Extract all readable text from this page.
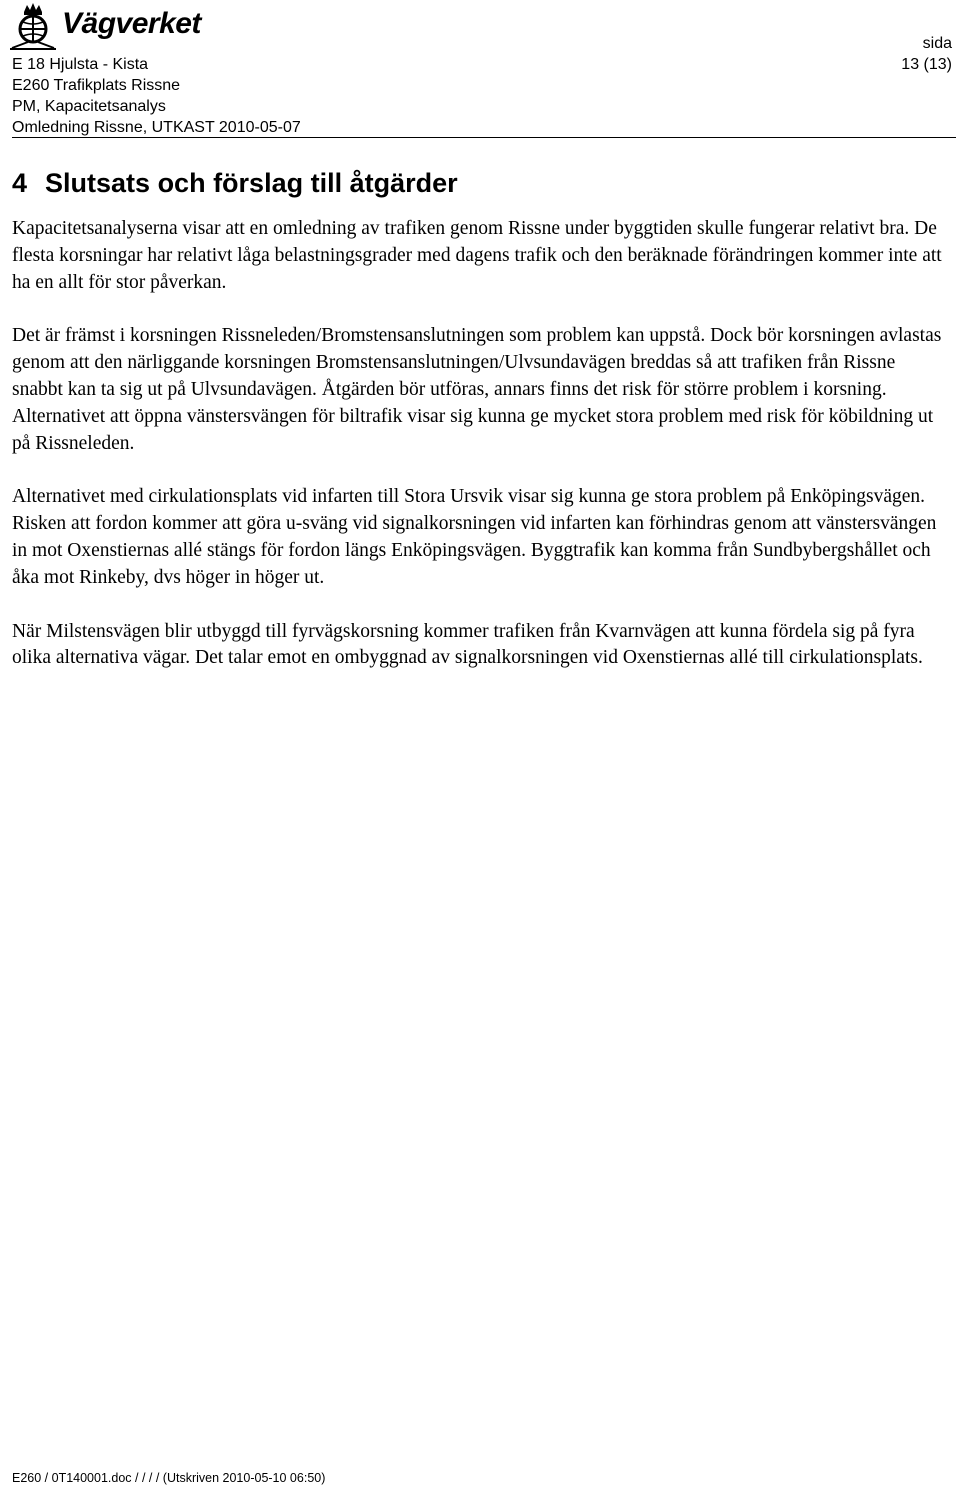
Vägverket
E 18 Hjulsta - Kista
E260 Trafikplats Rissne
PM, Kapacitetsanalys
Omledning Rissne, UTKAST 2010-05-07
sida
13 (13)
4 Slutsats och förslag till åtgärder

Kapacitetsanalyserna visar att en omledning av trafiken genom Rissne under byggtiden skulle fungerar relativt bra. De flesta korsningar har relativt låga belastningsgrader med dagens trafik och den beräknade förändringen kommer inte att ha en allt för stor påverkan.

Det är främst i korsningen Rissneleden/Bromstensanslutningen som problem kan uppstå. Dock bör korsningen avlastas genom att den närliggande korsningen Bromstensanslutningen/Ulvsundavägen breddas så att trafiken från Rissne snabbt kan ta sig ut på Ulvsundavägen. Åtgärden bör utföras, annars finns det risk för större problem i korsning. Alternativet att öppna vänstersvängen för biltrafik visar sig kunna ge mycket stora problem med risk för köbildning ut på Rissneleden.

Alternativet med cirkulationsplats vid infarten till Stora Ursvik visar sig kunna ge stora problem på Enköpingsvägen. Risken att fordon kommer att göra u-sväng vid signalkorsningen vid infarten kan förhindras genom att vänstersvängen in mot Oxenstiernas allé stängs för fordon längs Enköpingsvägen. Byggtrafik kan komma från Sundbybergshållet och åka mot Rinkeby, dvs höger in höger ut.

När Milstensvägen blir utbyggd till fyrvägskorsning kommer trafiken från Kvarnvägen att kunna fördela sig på fyra olika alternativa vägar. Det talar emot en ombyggnad av signalkorsningen vid Oxenstiernas allé till cirkulationsplats.

E260 / 0T140001.doc / / / / (Utskriven 2010-05-10 06:50)
